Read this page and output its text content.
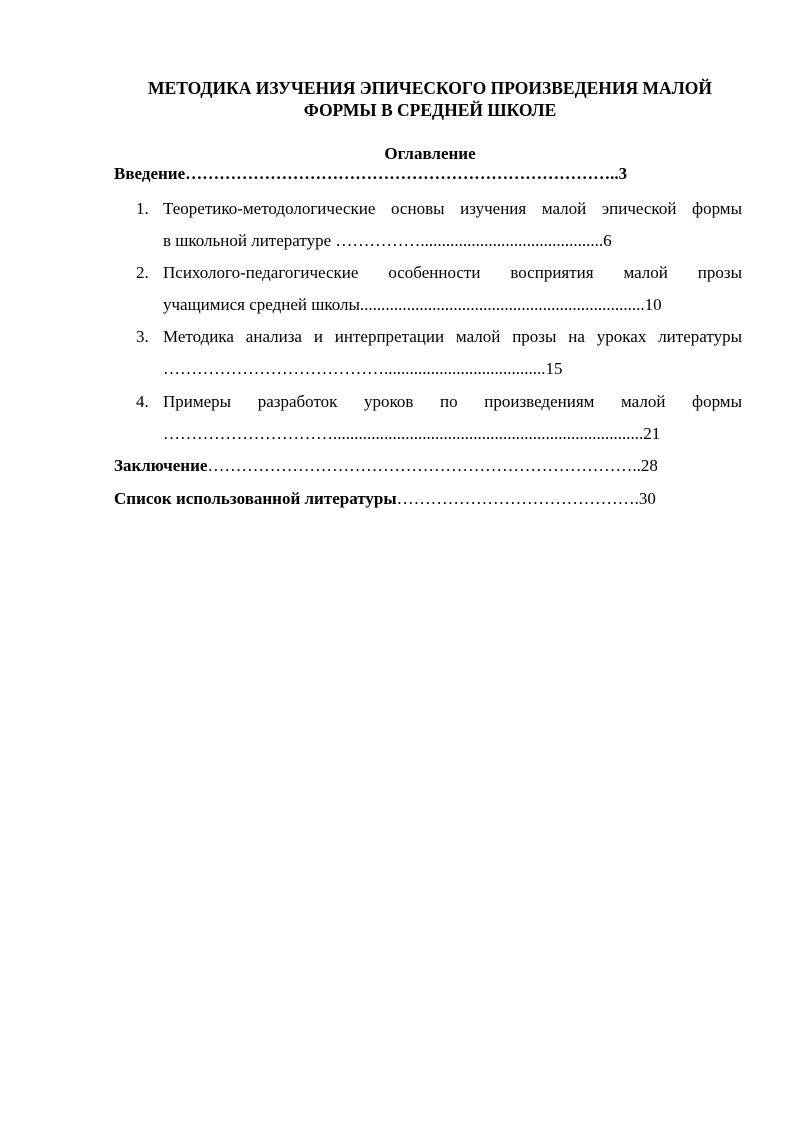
МЕТОДИКА ИЗУЧЕНИЯ ЭПИЧЕСКОГО ПРОИЗВЕДЕНИЯ МАЛОЙ
ФОРМЫ В СРЕДНЕЙ ШКОЛЕ
Оглавление
Введение…………………………………………………………………..3
1. Теоретико-методологические основы изучения малой эпической формы
в школьной литературе ……………...........................................6
2. Психолого-педагогические особенности восприятия малой прозы
учащимися средней школы...................................................................10
3. Методика анализа и интерпретации малой прозы на уроках литературы
…………………………………......................................15
4. Примеры разработок уроков по произведениям малой формы
………………………….........................................................................21
Заключение…………………………………………………………………..28
Список использованной литературы…………………………………….30
